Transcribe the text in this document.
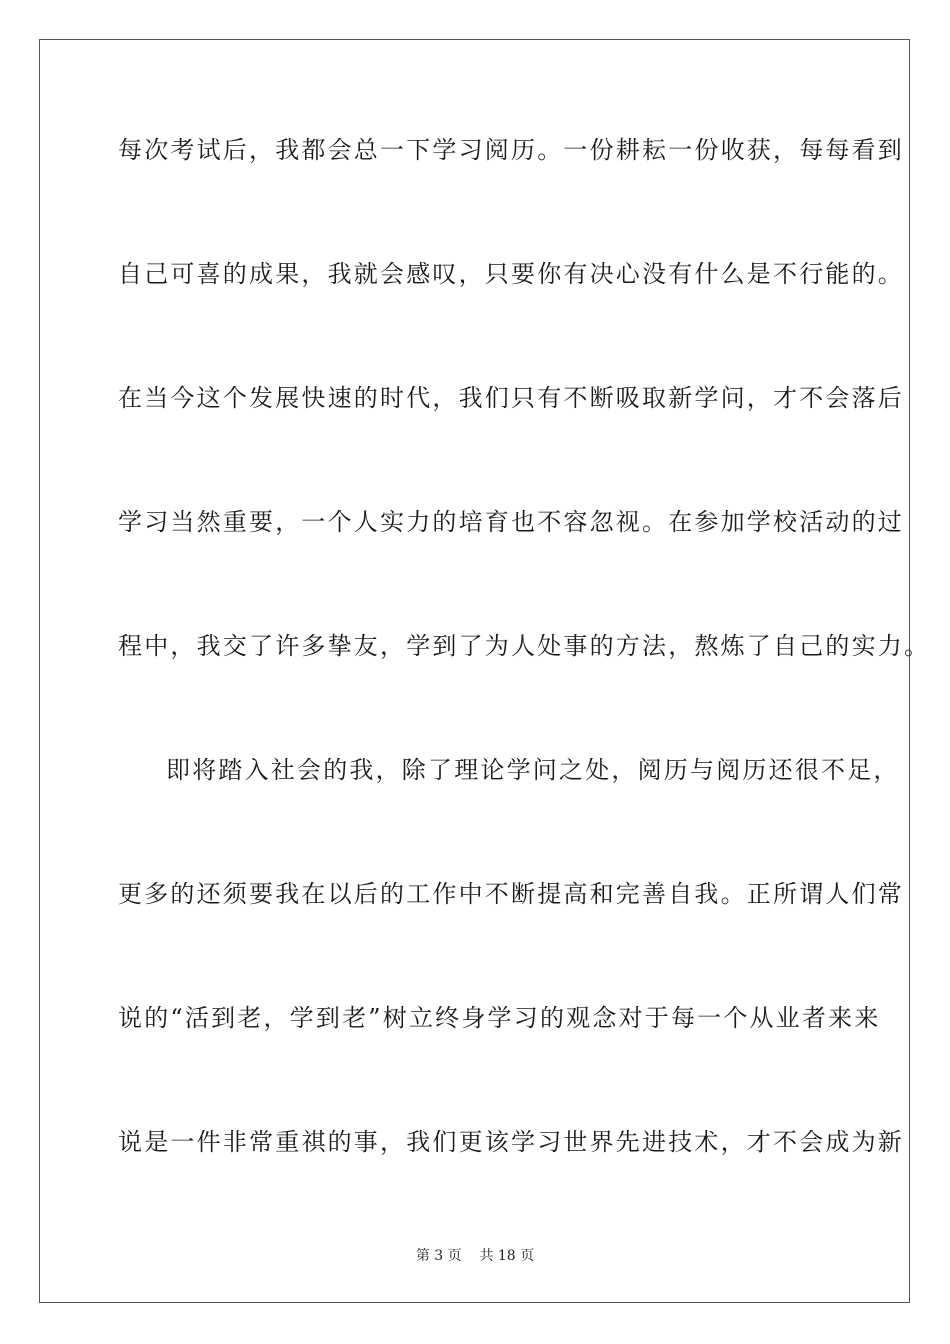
每次考试后，我都会总一下学习阅历。一份耕耘一份收获，每每看到

自己可喜的成果，我就会感叹，只要你有决心没有什么是不行能的。

在当今这个发展快速的时代，我们只有不断吸取新学问，才不会落后

学习当然重要，一个人实力的培育也不容忽视。在参加学校活动的过

程中，我交了许多挚友，学到了为人处事的方法，熬炼了自己的实力。

即将踏入社会的我，除了理论学问之处，阅历与阅历还很不足，

更多的还须要我在以后的工作中不断提高和完善自我。正所谓人们常

说的“活到老，学到老”树立终身学习的观念对于每一个从业者来来

说是一件非常重祺的事，我们更该学习世界先进技术，才不会成为新

第 3 页 共 18 页
